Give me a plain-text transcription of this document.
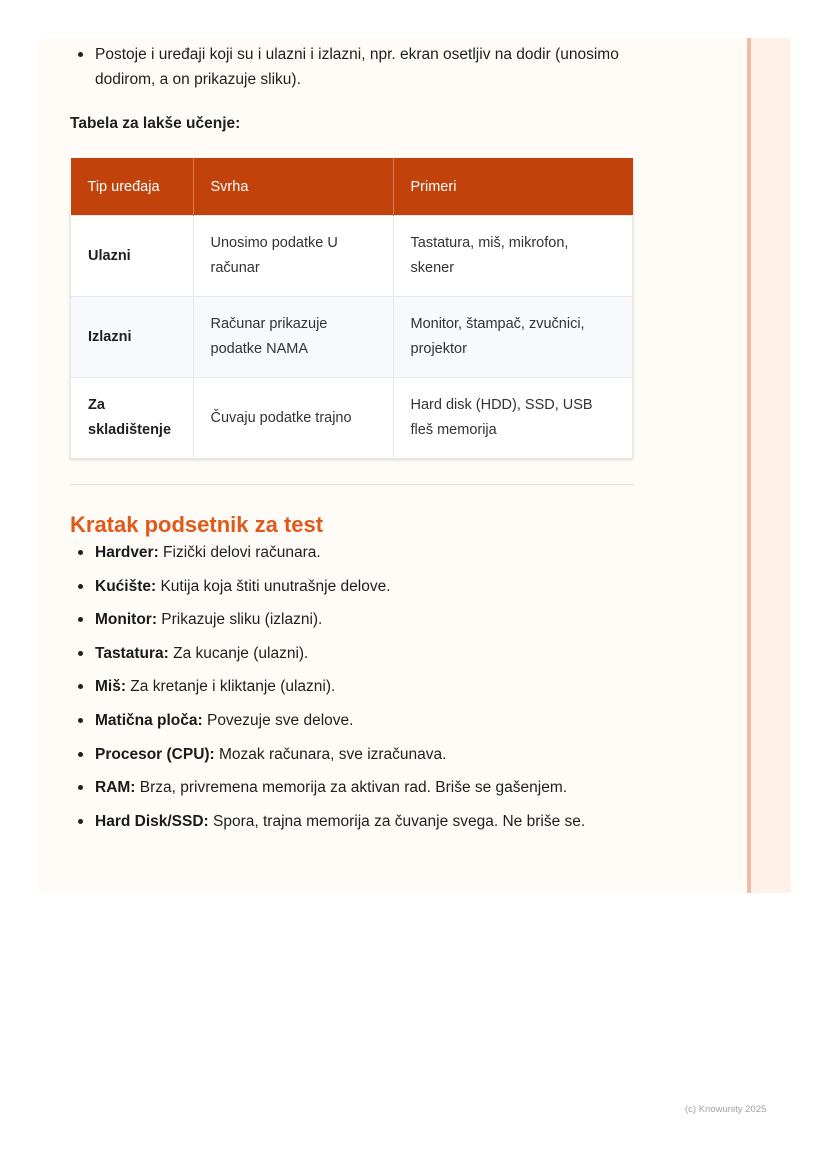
Postoje i uređaji koji su i ulazni i izlazni, npr. ekran osetljiv na dodir (unosimo dodirom, a on prikazuje sliku).
Tabela za lakše učenje:
Tip uređaja	Svrha	Primeri
Ulazni	Unosimo podatke U računar	Tastatura, miš, mikrofon, skener
Izlazni	Računar prikazuje podatke NAMA	Monitor, štampač, zvučnici, projektor
Za skladištenje	Čuvaju podatke trajno	Hard disk (HDD), SSD, USB fleš memorija
Kratak podsetnik za test
Hardver: Fizički delovi računara.
Kućište: Kutija koja štiti unutrašnje delove.
Monitor: Prikazuje sliku (izlazni).
Tastatura: Za kucanje (ulazni).
Miš: Za kretanje i kliktanje (ulazni).
Matična ploča: Povezuje sve delove.
Procesor (CPU): Mozak računara, sve izračunava.
RAM: Brza, privremena memorija za aktivan rad. Briše se gašenjem.
Hard Disk/SSD: Spora, trajna memorija za čuvanje svega. Ne briše se.
(c) Knowunity 2025
